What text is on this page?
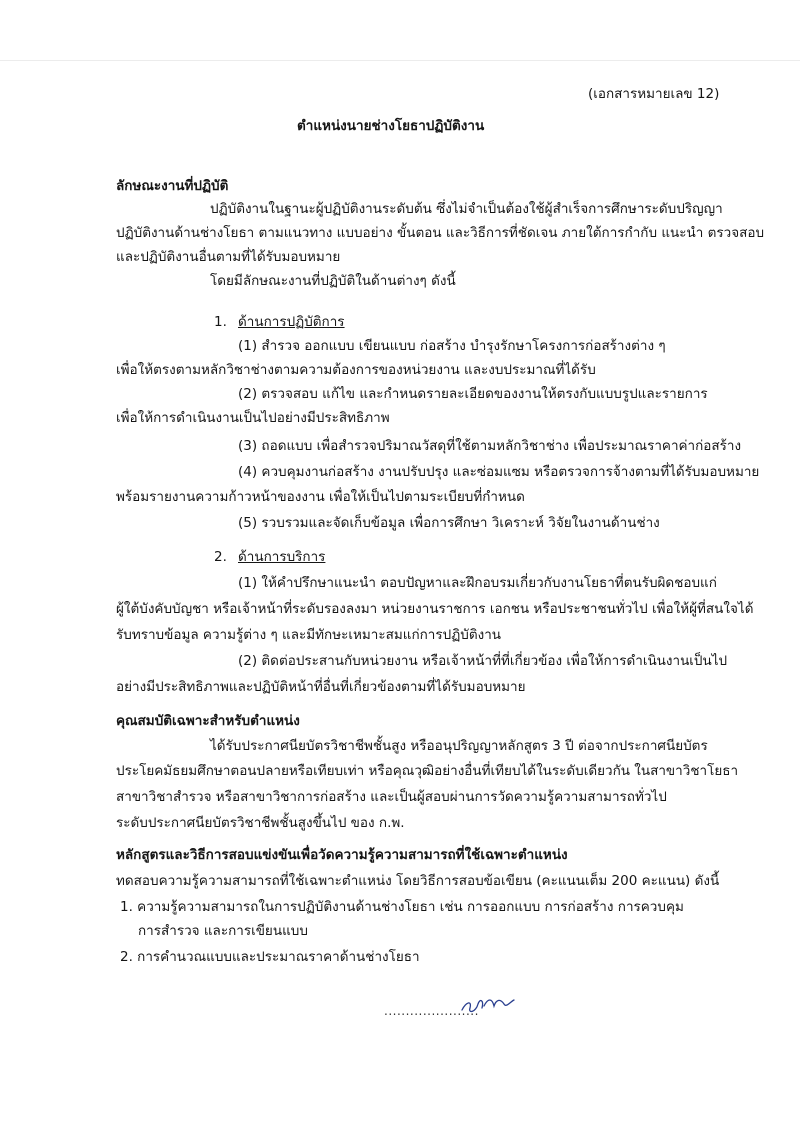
(เอกสารหมายเลข 12)
ตำแหน่งนายช่างโยธาปฏิบัติงาน
ลักษณะงานที่ปฏิบัติ
ปฏิบัติงานในฐานะผู้ปฏิบัติงานระดับต้น ซึ่งไม่จำเป็นต้องใช้ผู้สำเร็จการศึกษาระดับปริญญา
ปฏิบัติงานด้านช่างโยธา ตามแนวทาง แบบอย่าง ขั้นตอน และวิธีการที่ชัดเจน ภายใต้การกำกับ แนะนำ ตรวจสอบ
และปฏิบัติงานอื่นตามที่ได้รับมอบหมาย
โดยมีลักษณะงานที่ปฏิบัติในด้านต่างๆ ดังนี้
1. ด้านการปฏิบัติการ
(1) สำรวจ ออกแบบ เขียนแบบ ก่อสร้าง บำรุงรักษาโครงการก่อสร้างต่าง ๆ
เพื่อให้ตรงตามหลักวิชาช่างตามความต้องการของหน่วยงาน และงบประมาณที่ได้รับ
(2) ตรวจสอบ แก้ไข และกำหนดรายละเอียดของงานให้ตรงกับแบบรูปและรายการ
เพื่อให้การดำเนินงานเป็นไปอย่างมีประสิทธิภาพ
(3) ถอดแบบ เพื่อสำรวจปริมาณวัสดุที่ใช้ตามหลักวิชาช่าง เพื่อประมาณราคาค่าก่อสร้าง
(4) ควบคุมงานก่อสร้าง งานปรับปรุง และซ่อมแซม หรือตรวจการจ้างตามที่ได้รับมอบหมาย
พร้อมรายงานความก้าวหน้าของงาน เพื่อให้เป็นไปตามระเบียบที่กำหนด
(5) รวบรวมและจัดเก็บข้อมูล เพื่อการศึกษา วิเคราะห์ วิจัยในงานด้านช่าง
2. ด้านการบริการ
(1) ให้คำปรึกษาแนะนำ ตอบปัญหาและฝึกอบรมเกี่ยวกับงานโยธาที่ตนรับผิดชอบแก่
ผู้ใต้บังคับบัญชา หรือเจ้าหน้าที่ระดับรองลงมา หน่วยงานราชการ เอกชน หรือประชาชนทั่วไป เพื่อให้ผู้ที่สนใจได้
รับทราบข้อมูล ความรู้ต่าง ๆ และมีทักษะเหมาะสมแก่การปฏิบัติงาน
(2) ติดต่อประสานกับหน่วยงาน หรือเจ้าหน้าที่ที่เกี่ยวข้อง เพื่อให้การดำเนินงานเป็นไป
อย่างมีประสิทธิภาพและปฏิบัติหน้าที่อื่นที่เกี่ยวข้องตามที่ได้รับมอบหมาย
คุณสมบัติเฉพาะสำหรับตำแหน่ง
ได้รับประกาศนียบัตรวิชาชีพชั้นสูง หรืออนุปริญญาหลักสูตร 3 ปี ต่อจากประกาศนียบัตร
ประโยคมัธยมศึกษาตอนปลายหรือเทียบเท่า หรือคุณวุฒิอย่างอื่นที่เทียบได้ในระดับเดียวกัน ในสาขาวิชาโยธา
สาขาวิชาสำรวจ หรือสาขาวิชาการก่อสร้าง และเป็นผู้สอบผ่านการวัดความรู้ความสามารถทั่วไป
ระดับประกาศนียบัตรวิชาชีพชั้นสูงขึ้นไป ของ ก.พ.
หลักสูตรและวิธีการสอบแข่งขันเพื่อวัดความรู้ความสามารถที่ใช้เฉพาะตำแหน่ง
ทดสอบความรู้ความสามารถที่ใช้เฉพาะตำแหน่ง โดยวิธีการสอบข้อเขียน (คะแนนเต็ม 200 คะแนน) ดังนี้
1. ความรู้ความสามารถในการปฏิบัติงานด้านช่างโยธา เช่น การออกแบบ การก่อสร้าง การควบคุม
การสำรวจ และการเขียนแบบ
2. การคำนวณแบบและประมาณราคาด้านช่างโยธา
......................
